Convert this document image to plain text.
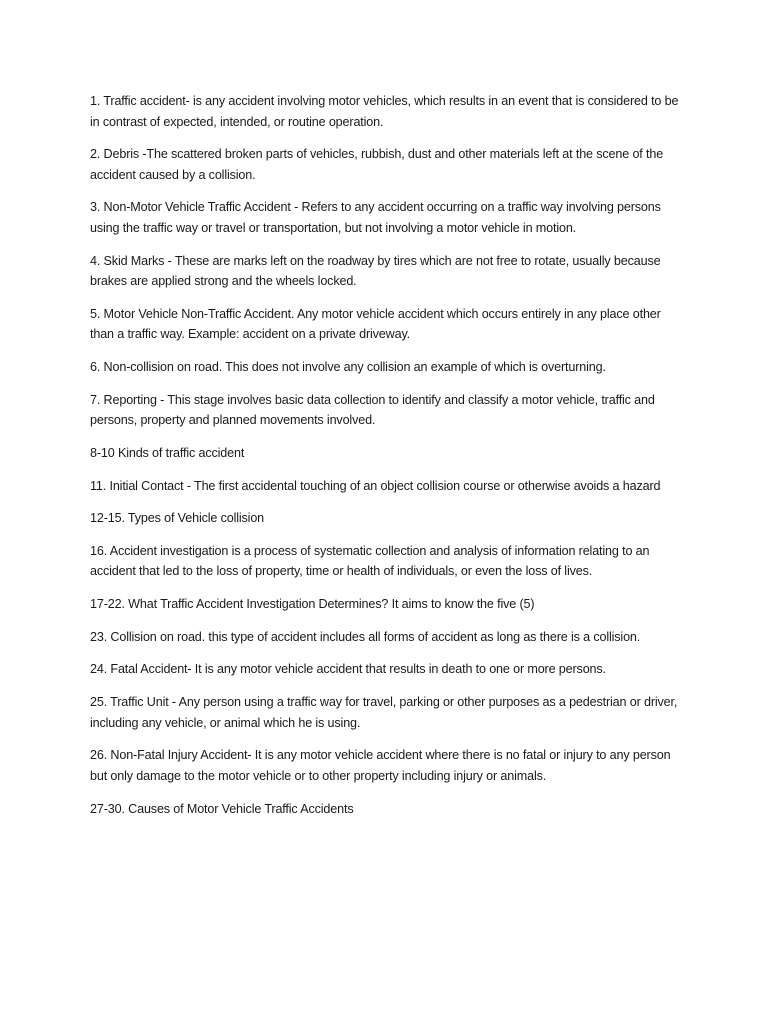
1. Traffic accident- is any accident involving motor vehicles, which results in an event that is considered to be in contrast of expected, intended, or routine operation.

2. Debris -The scattered broken parts of vehicles, rubbish, dust and other materials left at the scene of the accident caused by a collision.

3. Non-Motor Vehicle Traffic Accident - Refers to any accident occurring on a traffic way involving persons using the traffic way or travel or transportation, but not involving a motor vehicle in motion.

4. Skid Marks - These are marks left on the roadway by tires which are not free to rotate, usually because brakes are applied strong and the wheels locked.

5. Motor Vehicle Non-Traffic Accident. Any motor vehicle accident which occurs entirely in any place other than a traffic way. Example: accident on a private driveway.

6. Non-collision on road. This does not involve any collision an example of which is overturning.

7. Reporting - This stage involves basic data collection to identify and classify a motor vehicle, traffic and persons, property and planned movements involved.

8-10 Kinds of traffic accident

11. Initial Contact - The first accidental touching of an object collision course or otherwise avoids a hazard

12-15. Types of Vehicle collision

16. Accident investigation is a process of systematic collection and analysis of information relating to an accident that led to the loss of property, time or health of individuals, or even the loss of lives.

17-22. What Traffic Accident Investigation Determines? It aims to know the five (5)

23. Collision on road. this type of accident includes all forms of accident as long as there is a collision.

24. Fatal Accident- It is any motor vehicle accident that results in death to one or more persons.

25. Traffic Unit - Any person using a traffic way for travel, parking or other purposes as a pedestrian or driver, including any vehicle, or animal which he is using.

26. Non-Fatal Injury Accident- It is any motor vehicle accident where there is no fatal or injury to any person but only damage to the motor vehicle or to other property including injury or animals.

27-30. Causes of Motor Vehicle Traffic Accidents
